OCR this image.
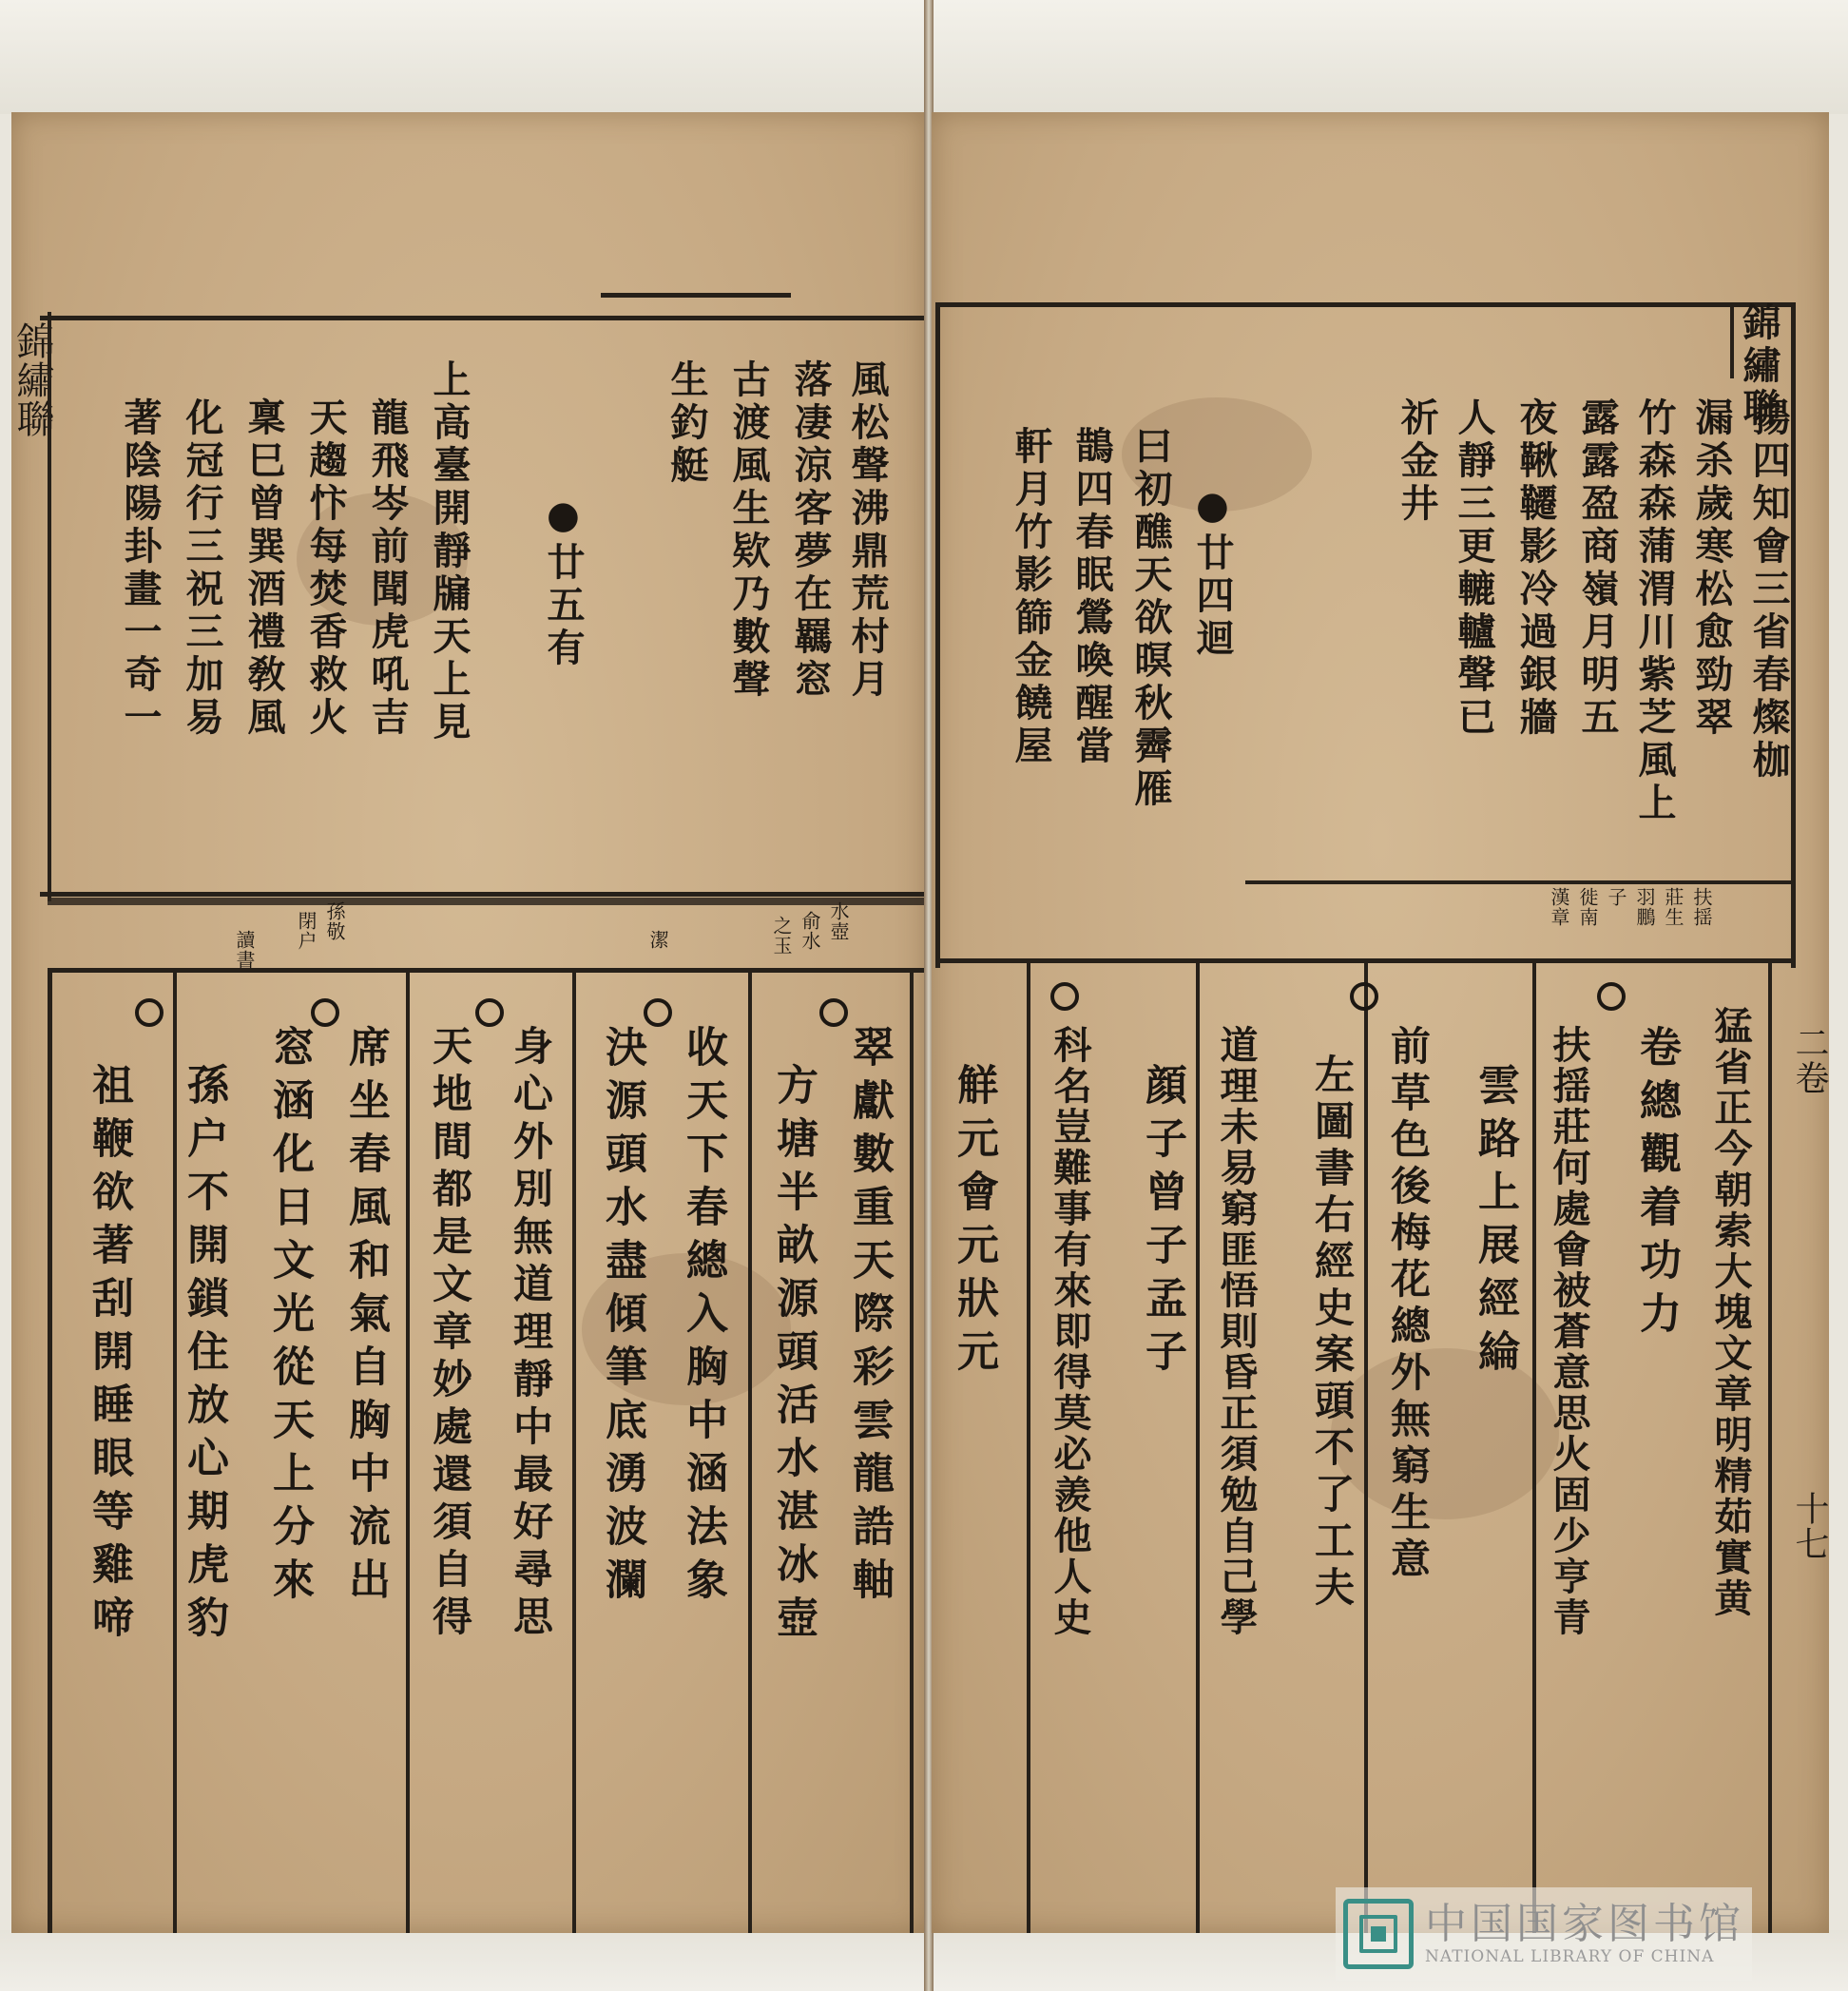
錦繡聯	風松聲沸鼎荒村月
落凄涼客夢在羈窓
古渡風生欵乃數聲
生釣艇
●廿五有
上高臺開靜牖天上見
龍飛岑前聞虎吼吉
天趨忭每焚香救火
稟巳曾巽酒禮敎風
化冠行三祝三加易
著陰陽卦畫一奇一
水壺
俞水
之玉
潔
孫敬
閉户
讀書
翠獻數重天際彩雲龍誥軸
方塘半畝源頭活水湛冰壺
收天下春總入胸中涵法象
決源頭水盡傾筆底湧波瀾
身心外別無道理靜中最好尋思
天地間都是文章妙處還須自得
席坐春風和氣自胸中流出
窓涵化日文光從天上分來
孫户不開鎖住放心期虎豹
祖鞭欲著刮開睡眼等雞啼
錦繡聯
揚四知會三省春燦枷
漏杀歲寒松愈勁翠
竹森森蒲渭川紫芝風上
露露盈商嶺月明五
夜鞦韆影冷過銀牆
人靜三更轆轤聲已
祈金井
●廿四迴
曰初醮天欲暝秋霽雁
鵲四春眠鶯喚醒當
軒月竹影篩金饒屋
扶揺
莊生
羽鵬
子
徙南
漢章
猛省正今朝索大塊文章明精茹實黄
卷總觀着功力
扶揺莊何處會被蒼意思火固少亨青
雲路上展經綸
前草色後梅花總外無窮生意
左圖書右經史案頭不了工夫
道理未易窮匪悟則昏正須勉自己學
顔子曾子孟子
科名豈難事有來即得莫必羨他人史
觧元會元狀元
二卷
十七
中国国家图书馆
NATIONAL LIBRARY OF CHINA
